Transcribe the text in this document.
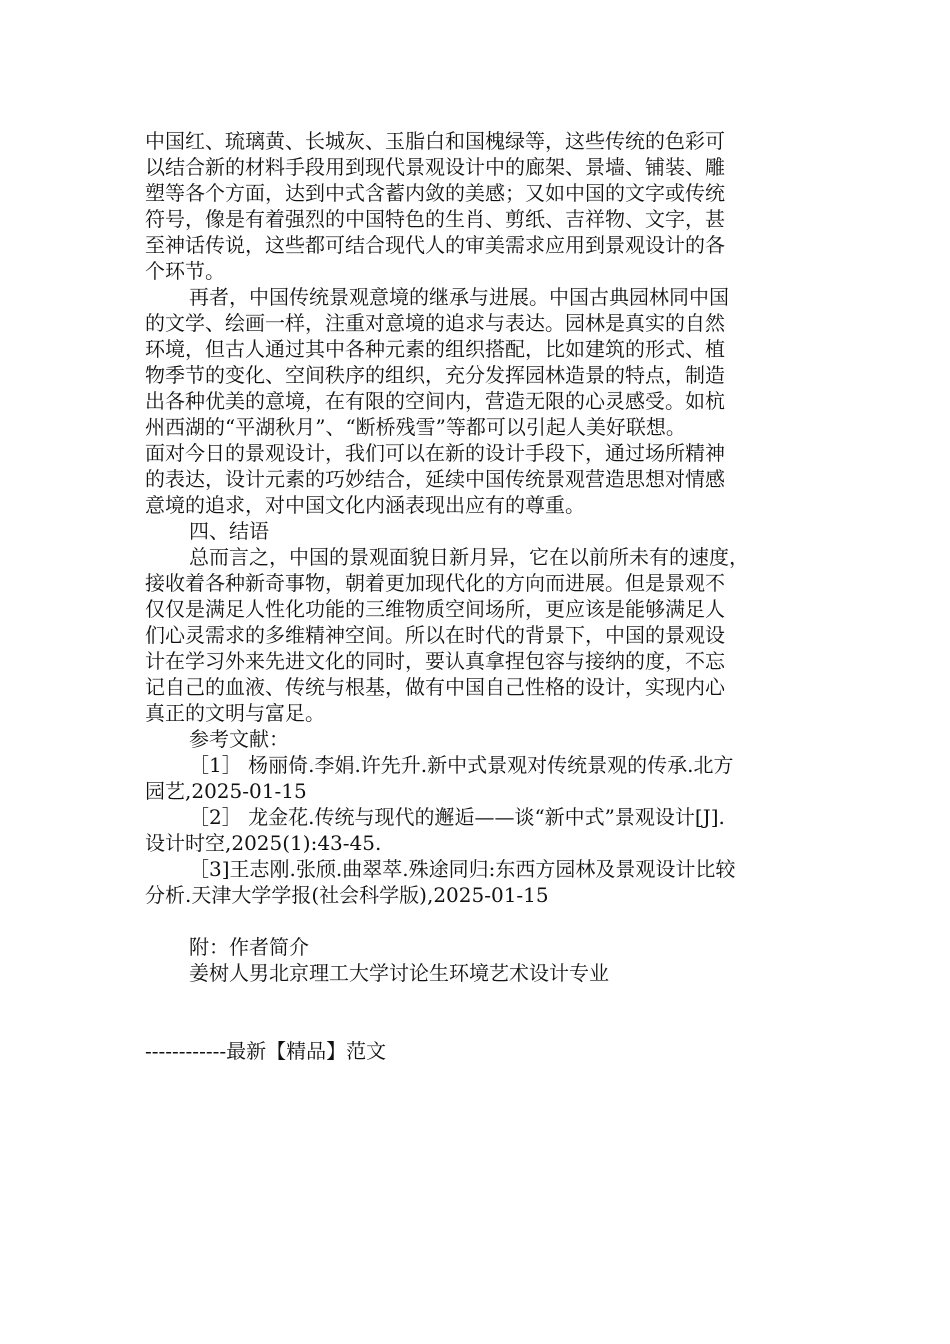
中国红、琉璃黄、长城灰、玉脂白和国槐绿等，这些传统的色彩可
以结合新的材料手段用到现代景观设计中的廊架、景墙、铺装、雕
塑等各个方面，达到中式含蓄内敛的美感；又如中国的文字或传统
符号，像是有着强烈的中国特色的生肖、剪纸、吉祥物、文字，甚
至神话传说，这些都可结合现代人的审美需求应用到景观设计的各
个环节。
再者，中国传统景观意境的继承与进展。中国古典园林同中国
的文学、绘画一样，注重对意境的追求与表达。园林是真实的自然
环境，但古人通过其中各种元素的组织搭配，比如建筑的形式、植
物季节的变化、空间秩序的组织，充分发挥园林造景的特点，制造
出各种优美的意境，在有限的空间内，营造无限的心灵感受。如杭
州西湖的“平湖秋月”、“断桥残雪”等都可以引起人美好联想。
面对今日的景观设计，我们可以在新的设计手段下，通过场所精神
的表达，设计元素的巧妙结合，延续中国传统景观营造思想对情感
意境的追求，对中国文化内涵表现出应有的尊重。
四、结语
总而言之，中国的景观面貌日新月异，它在以前所未有的速度，
接收着各种新奇事物，朝着更加现代化的方向而进展。但是景观不
仅仅是满足人性化功能的三维物质空间场所，更应该是能够满足人
们心灵需求的多维精神空间。所以在时代的背景下，中国的景观设
计在学习外来先进文化的同时，要认真拿捏包容与接纳的度，不忘
记自己的血液、传统与根基，做有中国自己性格的设计，实现内心
真正的文明与富足。
参考文献：
［1］ 杨丽倚.李娟.许先升.新中式景观对传统景观的传承.北方
园艺,2025-01-15
［2］ 龙金花.传统与现代的邂逅——谈“新中式”景观设计[J].
设计时空,2025(1):43-45.
［3]王志刚.张颀.曲翠萃.殊途同归:东西方园林及景观设计比较
分析.天津大学学报(社会科学版),2025-01-15
附：作者简介
姜树人男北京理工大学讨论生环境艺术设计专业
------------最新【精品】范文
